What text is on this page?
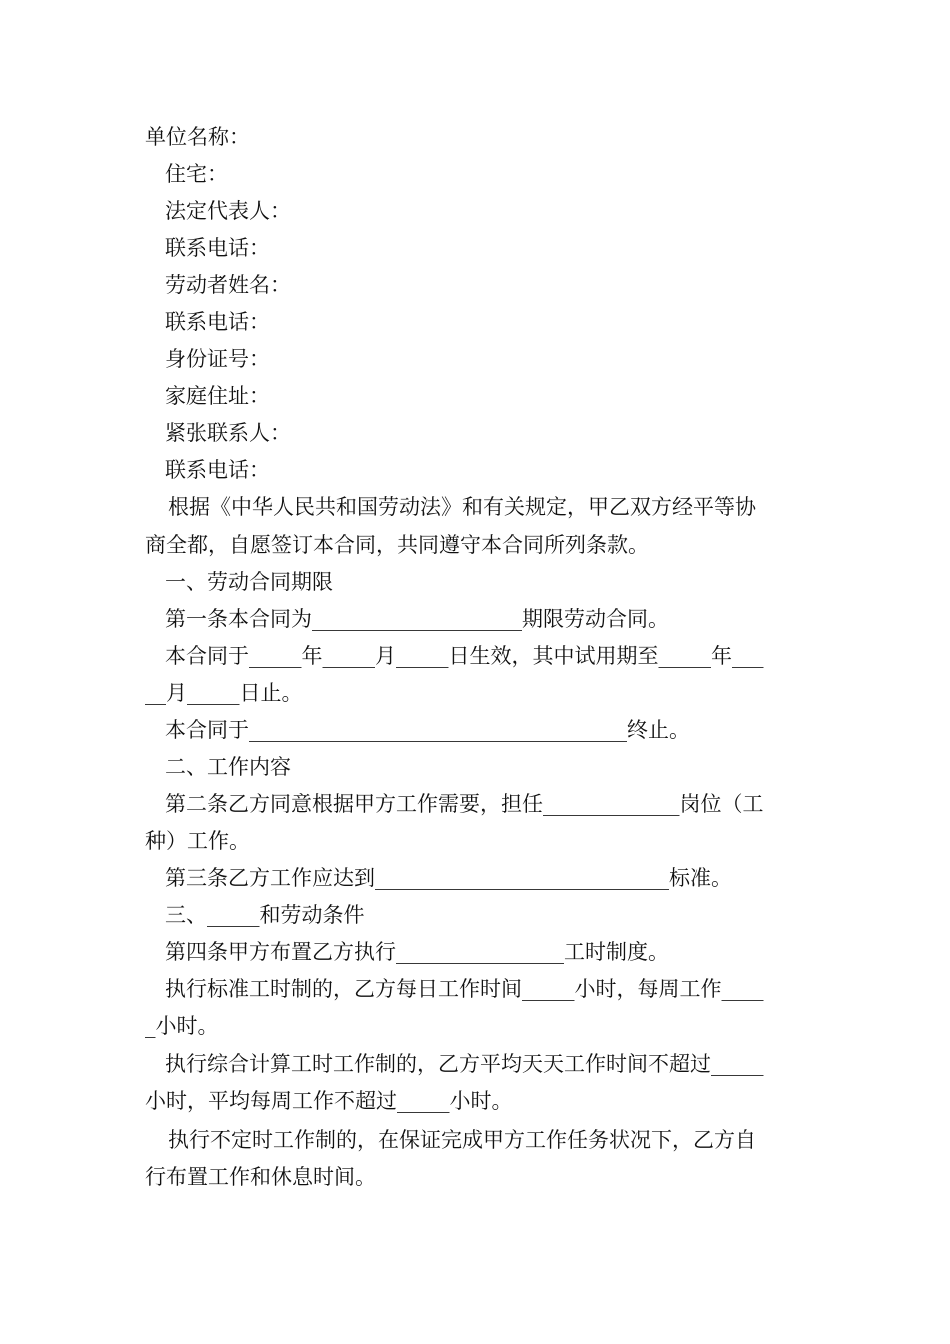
单位名称：
住宅：
法定代表人：
联系电话：
劳动者姓名：
联系电话：
身份证号：
家庭住址：
紧张联系人：
联系电话：
根据《中华人民共和国劳动法》和有关规定，甲乙双方经平等协
商全都，自愿签订本合同，共同遵守本合同所列条款。
一、劳动合同期限
第一条本合同为____________________期限劳动合同。
本合同于_____年_____月_____日生效，其中试用期至_____年___
__月_____日止。
本合同于____________________________________终止。
二、工作内容
第二条乙方同意根据甲方工作需要，担任_____________岗位（工
种）工作。
第三条乙方工作应达到____________________________标准。
三、_____和劳动条件
第四条甲方布置乙方执行________________工时制度。
执行标准工时制的，乙方每日工作时间_____小时，每周工作____
_小时。
执行综合计算工时工作制的，乙方平均天天工作时间不超过_____
小时，平均每周工作不超过_____小时。
执行不定时工作制的，在保证完成甲方工作任务状况下，乙方自
行布置工作和休息时间。
